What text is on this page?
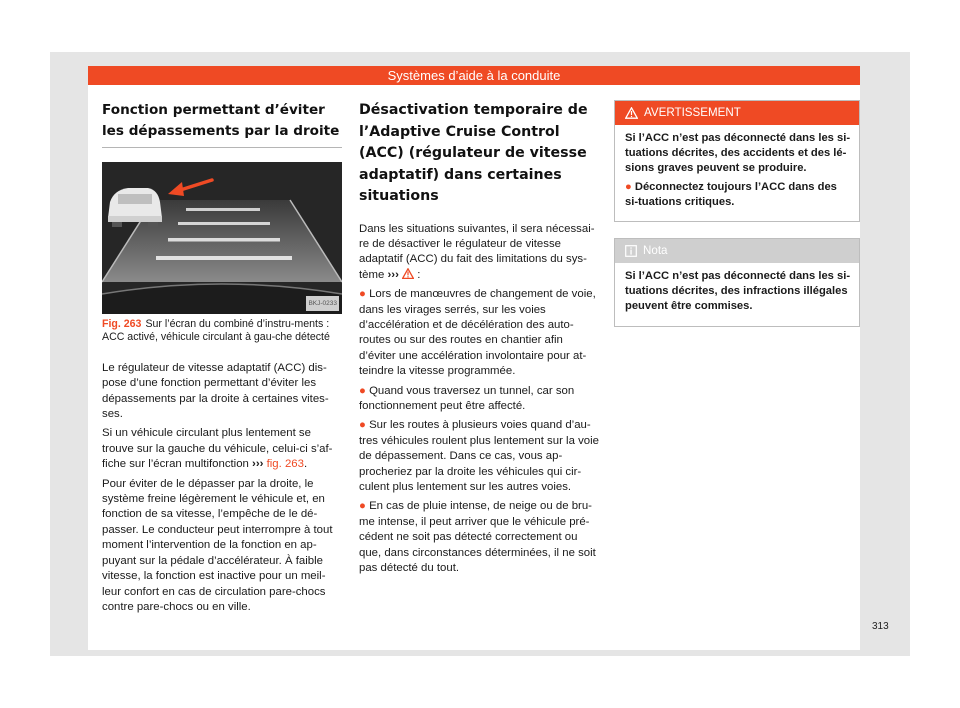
Systèmes d’aide à la conduite
Fonction permettant d’éviter les dépassements par la droite
BKJ-0233

Fig. 263 Sur l’écran du combiné d’instru-ments : ACC activé, véhicule circulant à gau-che détecté

Le régulateur de vitesse adaptatif (ACC) dis-pose d’une fonction permettant d’éviter les dépassements par la droite à certaines vites-ses.

Si un véhicule circulant plus lentement se trouve sur la gauche du véhicule, celui-ci s’af-fiche sur l’écran multifonction ››› fig. 263.

Pour éviter de le dépasser par la droite, le système freine légèrement le véhicule et, en fonction de sa vitesse, l’empêche de le dé-passer. Le conducteur peut interrompre à tout moment l’intervention de la fonction en ap-puyant sur la pédale d’accélérateur. À faible vitesse, la fonction est inactive pour un meil-leur confort en cas de circulation pare-chocs contre pare-chocs ou en ville.

Désactivation temporaire de l’Adaptive Cruise Control (ACC) (régulateur de vitesse adaptatif) dans certaines situations

Dans les situations suivantes, il sera nécessai-re de désactiver le régulateur de vitesse adaptatif (ACC) du fait des limitations du sys-tème ›››  :

● Lors de manœuvres de changement de voie, dans les virages serrés, sur les voies d’accélération et de décélération des auto-routes ou sur des routes en chantier afin d’éviter une accélération involontaire pour at-teindre la vitesse programmée.

● Quand vous traversez un tunnel, car son fonctionnement peut être affecté.

● Sur les routes à plusieurs voies quand d’au-tres véhicules roulent plus lentement sur la voie de dépassement. Dans ce cas, vous ap-procheriez par la droite les véhicules qui cir-culent plus lentement sur les autres voies.

● En cas de pluie intense, de neige ou de bru-me intense, il peut arriver que le véhicule pré-cédent ne soit pas détecté correctement ou que, dans circonstances déterminées, il ne soit pas détecté du tout.

AVERTISSEMENT

Si l’ACC n’est pas déconnecté dans les si-tuations décrites, des accidents et des lé-sions graves peuvent se produire.

● Déconnectez toujours l’ACC dans des si-tuations critiques.

Nota

Si l’ACC n’est pas déconnecté dans les si-tuations décrites, des infractions illégales peuvent être commises.

313
